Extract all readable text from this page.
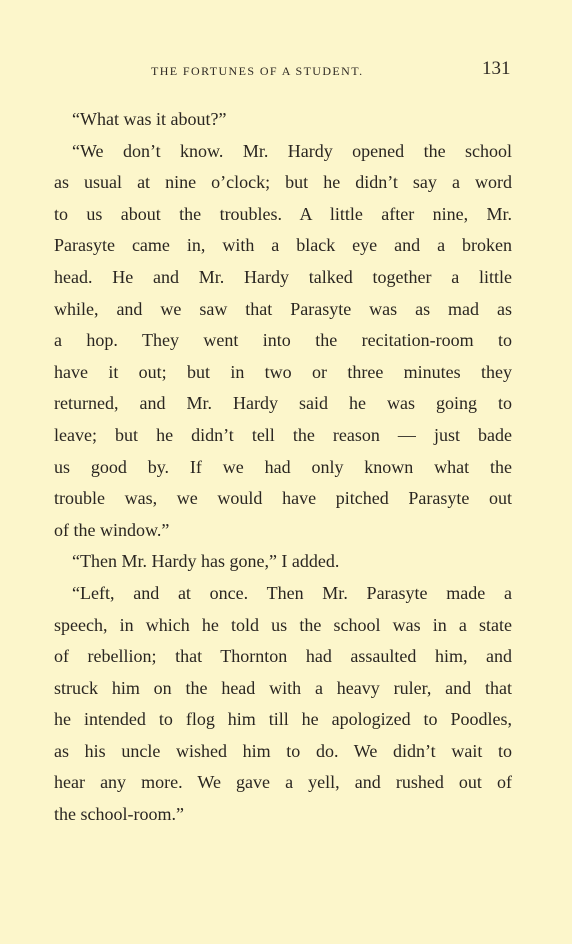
THE FORTUNES OF A STUDENT.	131
“What was it about?”
“We don’t know. Mr. Hardy opened the school
as usual at nine o’clock; but he didn’t say a word
to us about the troubles. A little after nine, Mr.
Parasyte came in, with a black eye and a broken
head. He and Mr. Hardy talked together a little
while, and we saw that Parasyte was as mad as
a hop. They went into the recitation-room to
have it out; but in two or three minutes they
returned, and Mr. Hardy said he was going to
leave; but he didn’t tell the reason — just bade
us good by. If we had only known what the
trouble was, we would have pitched Parasyte out
of the window.”
“Then Mr. Hardy has gone,” I added.
“Left, and at once. Then Mr. Parasyte made a
speech, in which he told us the school was in a state
of rebellion; that Thornton had assaulted him, and
struck him on the head with a heavy ruler, and that
he intended to flog him till he apologized to Poodles,
as his uncle wished him to do. We didn’t wait to
hear any more. We gave a yell, and rushed out of
the school-room.”
